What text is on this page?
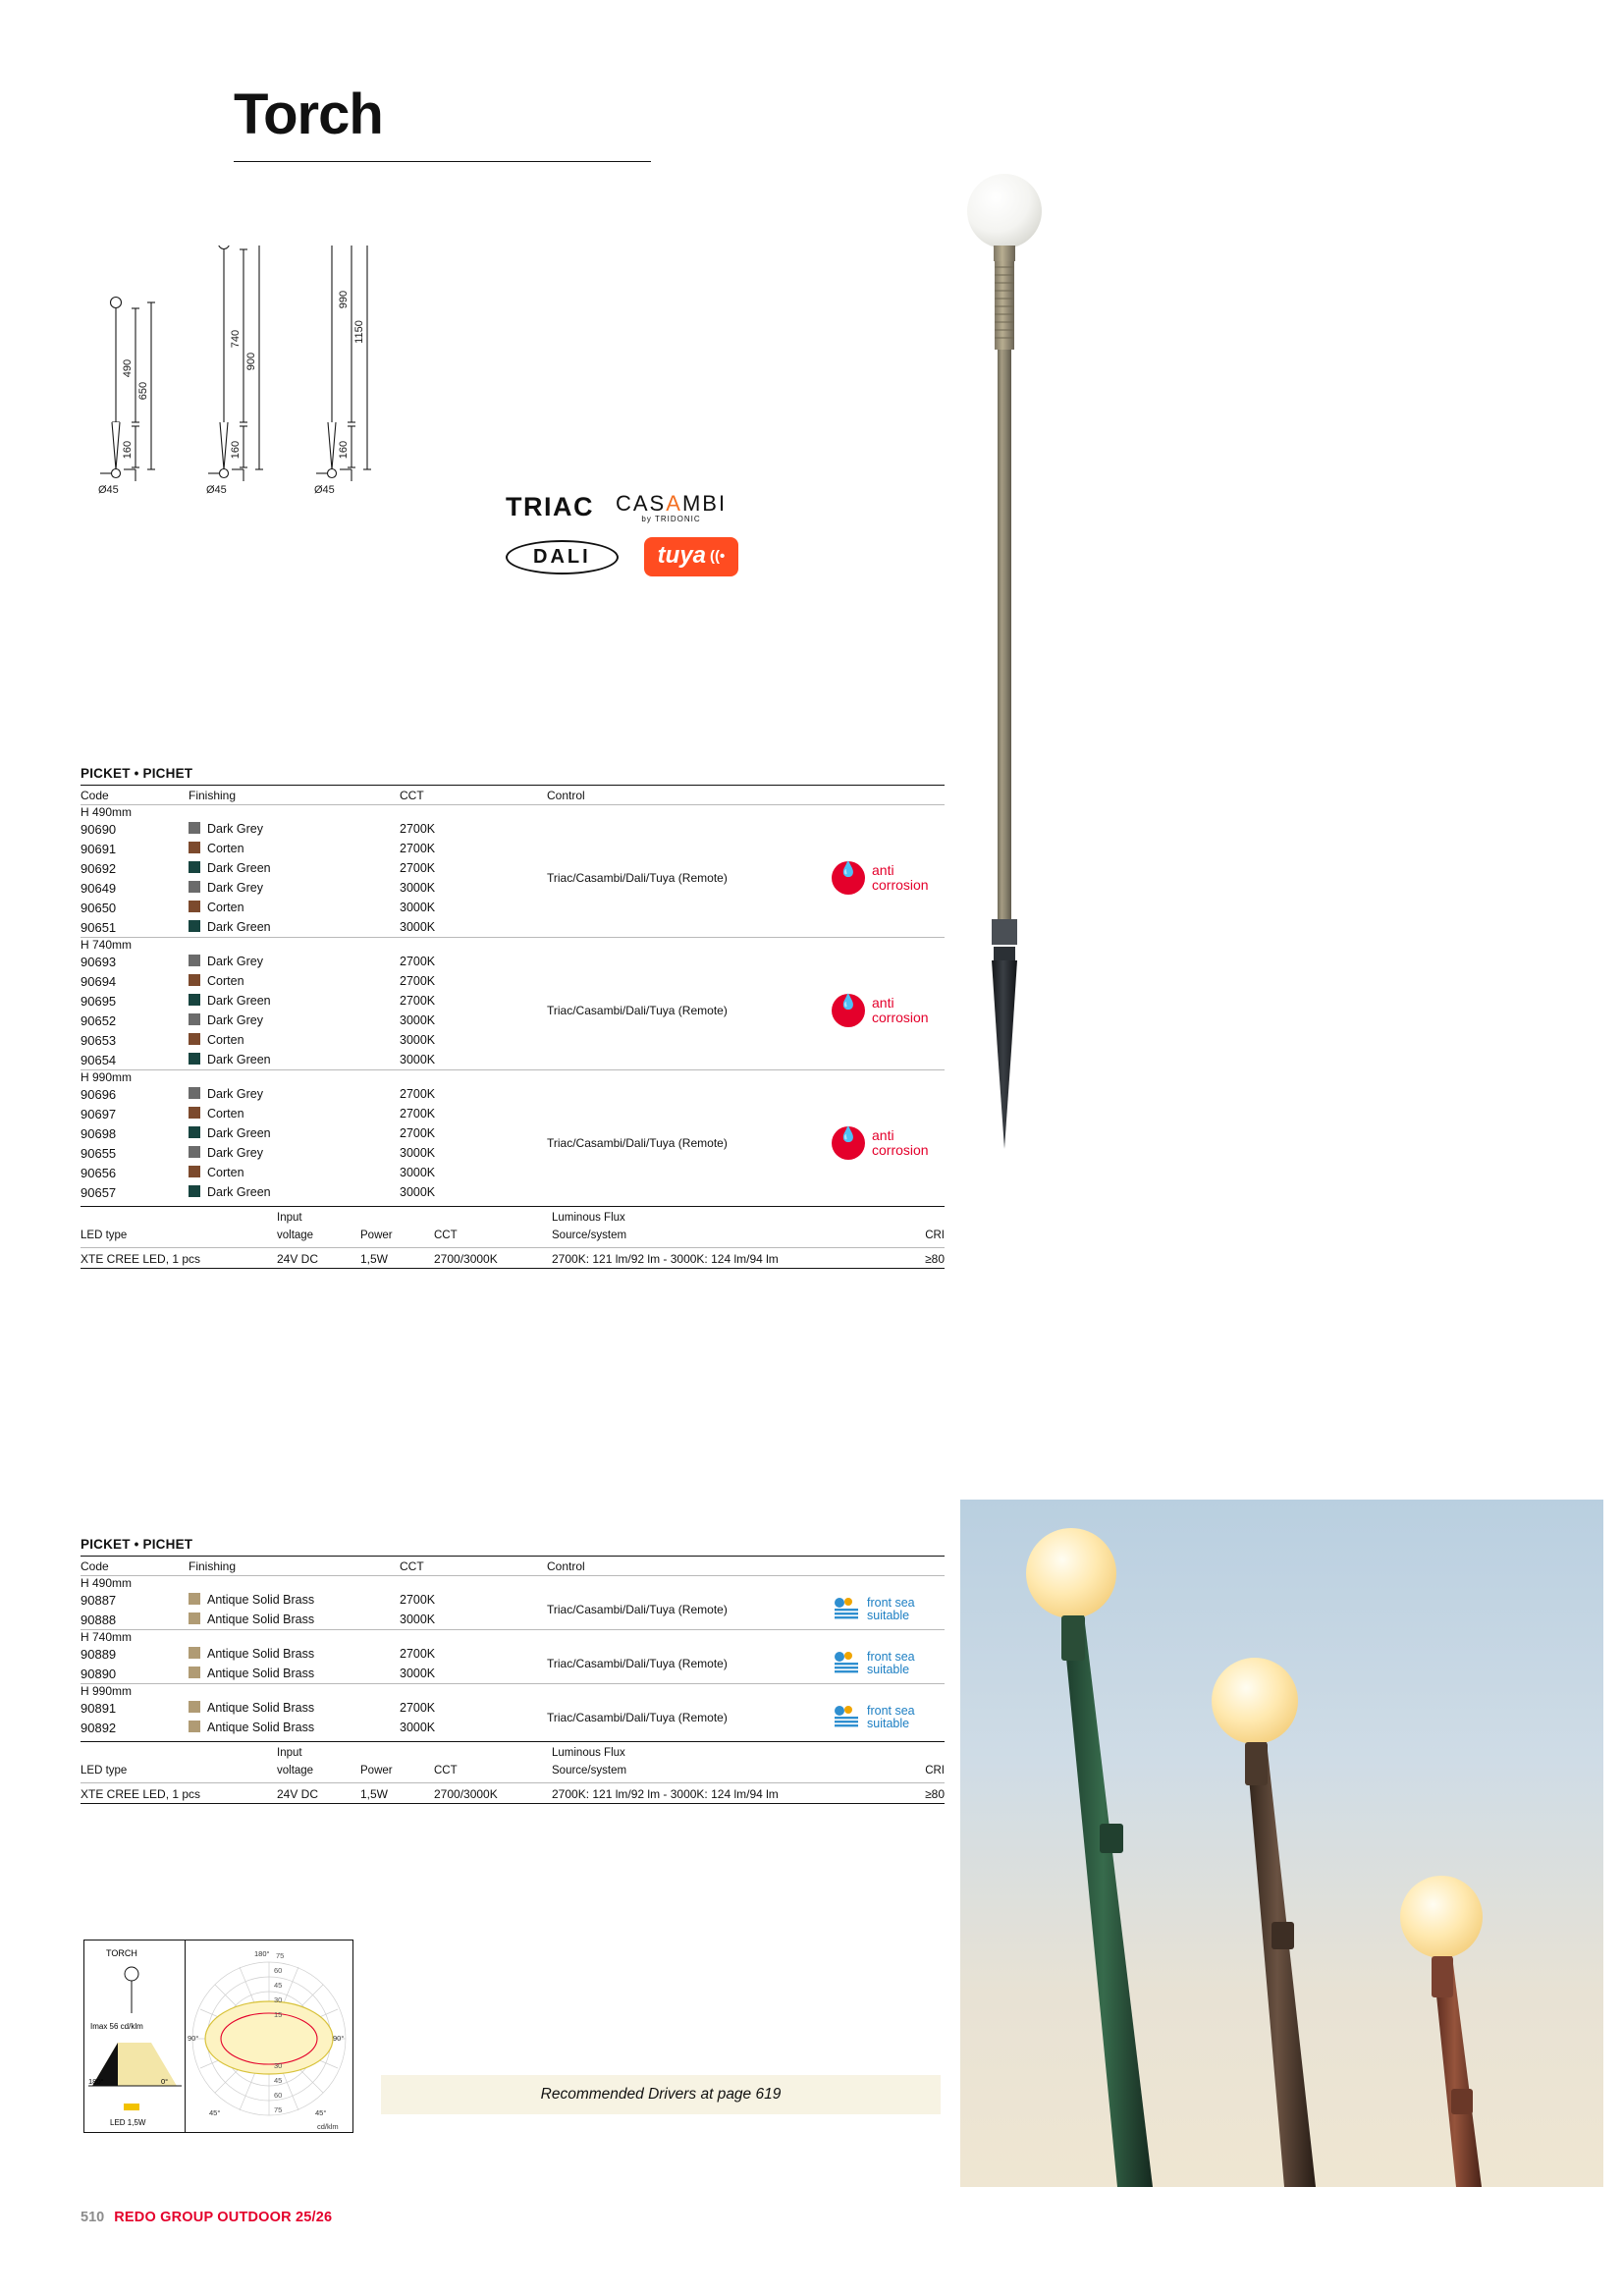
Torch
490
650
160
Ø45
740
900
160
Ø45
990
1150
160
Ø45
TRIAC CASAMBI
by TRIDONIC
DALI	tuya ((•
PICKET • PICHET
Code	Finishing	CCT	Control	

H 490mm				
90690	Dark Grey	2700K	Triac/Casambi/Dali/Tuya (Remote)	
💧anti
corrosion

90691	Corten	2700K		
90692	Dark Green	2700K		
90649	Dark Grey	3000K		
90650	Corten	3000K		
90651	Dark Green	3000K		

H 740mm				
90693	Dark Grey	2700K	Triac/Casambi/Dali/Tuya (Remote)	
💧anti
corrosion

90694	Corten	2700K		
90695	Dark Green	2700K		
90652	Dark Grey	3000K		
90653	Corten	3000K		
90654	Dark Green	3000K		

H 990mm				
90696	Dark Grey	2700K	Triac/Casambi/Dali/Tuya (Remote)	
💧anti
corrosion

90697	Corten	2700K		
90698	Dark Green	2700K		
90655	Dark Grey	3000K		
90656	Corten	3000K		
90657	Dark Green	3000K		
	Input			Luminous Flux	
LED type	voltage	Power	CCT	Source/system	CRI

XTE CREE LED, 1 pcs	24V DC	1,5W	2700/3000K	2700K: 121 lm/92 lm - 3000K: 124 lm/94 lm	≥80
PICKET • PICHET
Code	Finishing	CCT	Control	

H 490mm				
90887	Antique Solid Brass	2700K	Triac/Casambi/Dali/Tuya (Remote)	front sea
suitable

90888	Antique Solid Brass	3000K		

H 740mm				
90889	Antique Solid Brass	2700K	Triac/Casambi/Dali/Tuya (Remote)	front sea
suitable

90890	Antique Solid Brass	3000K		

H 990mm				
90891	Antique Solid Brass	2700K	Triac/Casambi/Dali/Tuya (Remote)	front sea
suitable

90892	Antique Solid Brass	3000K		
	Input			Luminous Flux	
LED type	voltage	Power	CCT	Source/system	CRI

XTE CREE LED, 1 pcs	24V DC	1,5W	2700/3000K	2700K: 121 lm/92 lm - 3000K: 124 lm/94 lm	≥80
TORCH
Imax 56 cd/klm
180°	0°
LED 1,5W
180°
90°	90°
45°	45°
cd/klm
75
60
45
30
15
30
45
60
75
Recommended Drivers at page 619
510 REDO GROUP OUTDOOR 25/26
